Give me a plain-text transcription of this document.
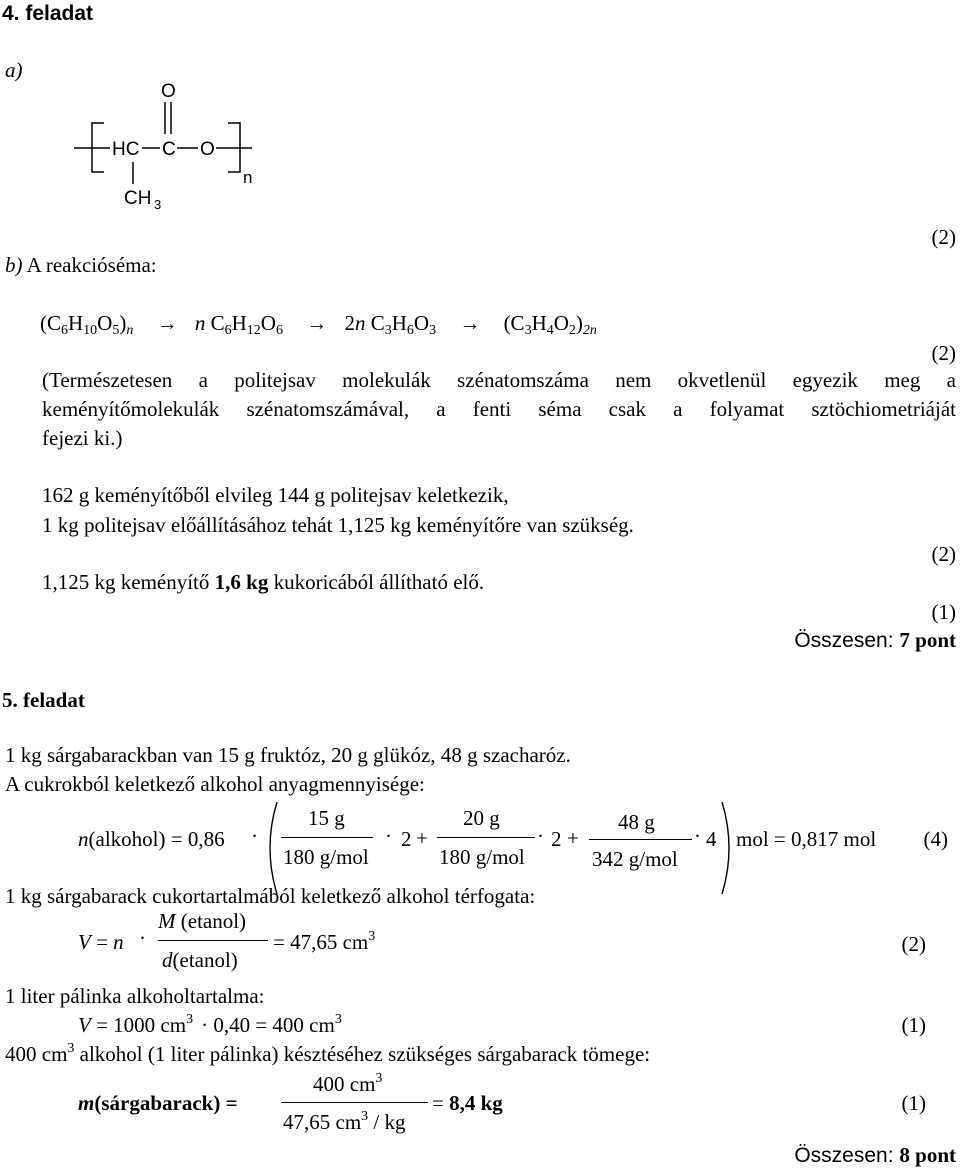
4. feladat
a)
O
C
HC	O
CH 3
n
(2)
b) A reakcióséma:
$(C_6H_{10}O_5)_n \to n$ $C_6H_{12}O_6 \to 2n$ $C_3H_6O_3 \to (C_3H_4O_2)_{2n}$
(2)
(Természetesen a politejsav molekulák szénatomszáma nem okvetlenül egyezik meg a
keményítőmolekulák szénatomszámával, a fenti séma csak a folyamat sztöchiometriáját
fejezi ki.)
162 g keményítőből elvileg 144 g politejsav keletkezik,
1 kg politejsav előállításához tehát 1,125 kg keményítőre van szükség.
(2)
1,125 kg keményítő 1,6 kg kukoricából állítható elő.
(1)
Összesen: 7 pont
5. feladat
1 kg sárgabarackban van 15 g fruktóz, 20 g glükóz, 48 g szacharóz.
A cukrokból keletkező alkohol anyagmennyisége:
n(alkohol) = 0,86 ·
15 g
180 g/mol
· 2 +
20 g
180 g/mol
· 2 +
48 g
342 g/mol
· 4 mol = 0,817 mol (4)
1 kg sárgabarack cukortartalmából keletkező alkohol térfogata:
V = n ·
M (etanol)
d(etanol)
= 47,65 $cm^3$	(2)
1 liter pálinka alkoholtartalma:
V = 1000 $cm^3 \cdot 0,40 = 400$ $cm^3$	(1)
400 $cm^3$ alkohol (1 liter pálinka) késztéséhez szükséges sárgabarack tömege:
m(sárgabarack) =
400 $cm^3$
47,65 $cm^3$ / kg
= 8,4 kg	(1)
Összesen: 8 pont
